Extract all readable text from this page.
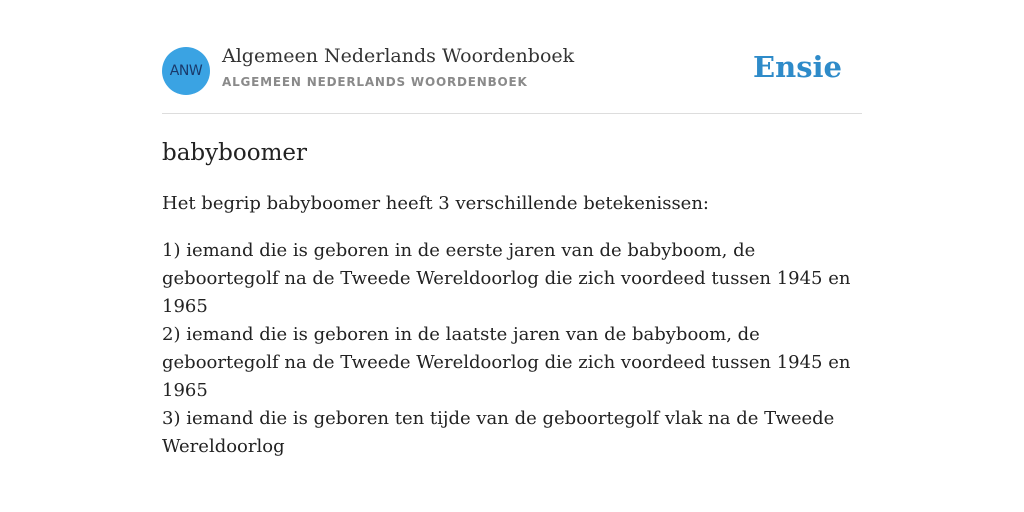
ANW
Algemeen Nederlands Woordenboek
ALGEMEEN NEDERLANDS WOORDENBOEK	Ensie
babyboomer

Het begrip babyboomer heeft 3 verschillende betekenissen:

1) iemand die is geboren in de eerste jaren van de babyboom, de geboortegolf na de Tweede Wereldoorlog die zich voordeed tussen 1945 en 1965
2) iemand die is geboren in de laatste jaren van de babyboom, de geboortegolf na de Tweede Wereldoorlog die zich voordeed tussen 1945 en 1965
3) iemand die is geboren ten tijde van de geboortegolf vlak na de Tweede Wereldoorlog
